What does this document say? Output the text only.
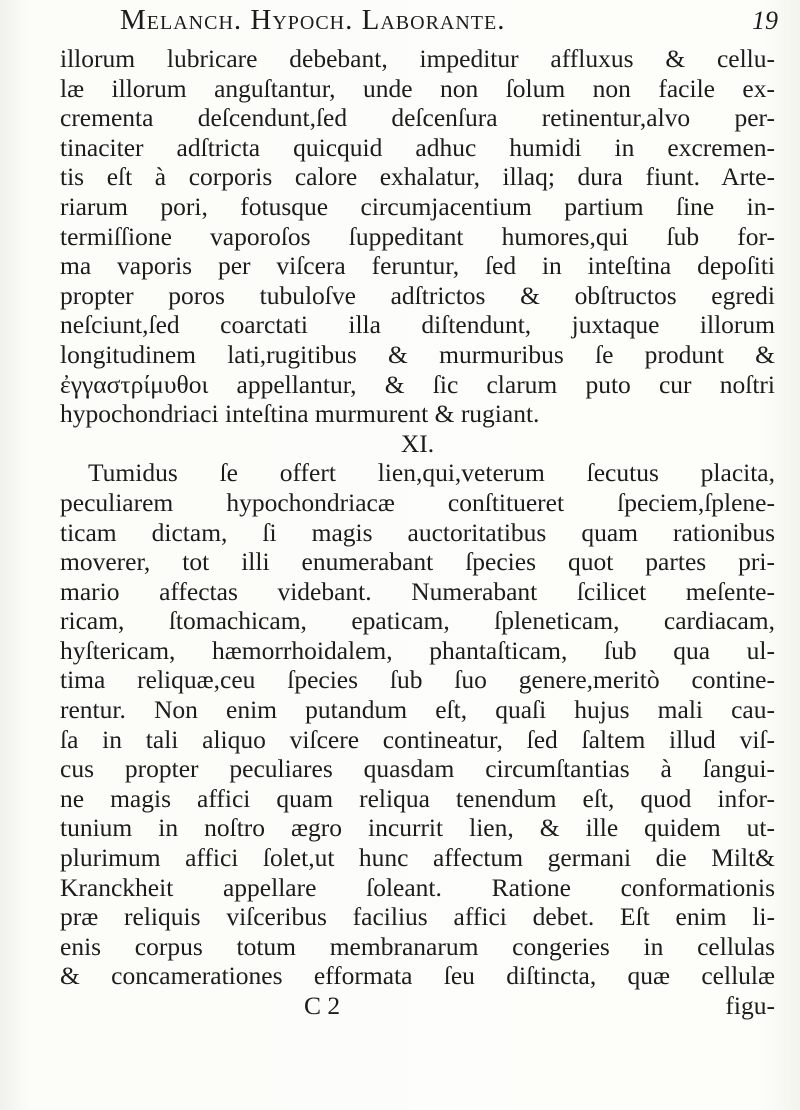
Melanch. Hypoch. Laborante.	19
illorum lubricare debebant, impeditur affluxus & cellu-
læ illorum anguſtantur, unde non ſolum non facile ex-
crementa deſcendunt,ſed deſcenſura retinentur,alvo per-
tinaciter adſtricta quicquid adhuc humidi in excremen-
tis eſt à corporis calore exhalatur, illaq; dura fiunt. Arte-
riarum pori, fotusque circumjacentium partium ſine in-
termiſſione vaporoſos ſuppeditant humores,qui ſub for-
ma vaporis per viſcera feruntur, ſed in inteſtina depoſiti
propter poros tubuloſve adſtrictos & obſtructos egredi
neſciunt,ſed coarctati illa diſtendunt, juxtaque illorum
longitudinem lati,rugitibus & murmuribus ſe produnt &
ἐγγαστρίμυθοι appellantur, & ſic clarum puto cur noſtri
hypochondriaci inteſtina murmurent & rugiant.
XI.
Tumidus ſe offert lien,qui,veterum ſecutus placita,
peculiarem hypochondriacæ conſtitueret ſpeciem,ſplene-
ticam dictam, ſi magis auctoritatibus quam rationibus
moverer, tot illi enumerabant ſpecies quot partes pri-
mario affectas videbant. Numerabant ſcilicet meſente-
ricam, ſtomachicam, epaticam, ſpleneticam, cardiacam,
hyſtericam, hæmorrhoidalem, phantaſticam, ſub qua ul-
tima reliquæ,ceu ſpecies ſub ſuo genere,meritò contine-
rentur. Non enim putandum eſt, quaſi hujus mali cau-
ſa in tali aliquo viſcere contineatur, ſed ſaltem illud viſ-
cus propter peculiares quasdam circumſtantias à ſangui-
ne magis affici quam reliqua tenendum eſt, quod infor-
tunium in noſtro ægro incurrit lien, & ille quidem ut-
plurimum affici ſolet,ut hunc affectum germani die Milt&
Kranckheit appellare ſoleant. Ratione conformationis
præ reliquis viſceribus facilius affici debet. Eſt enim li-
enis corpus totum membranarum congeries in cellulas
& concamerationes efformata ſeu diſtincta, quæ cellulæ
C 2	figu-
